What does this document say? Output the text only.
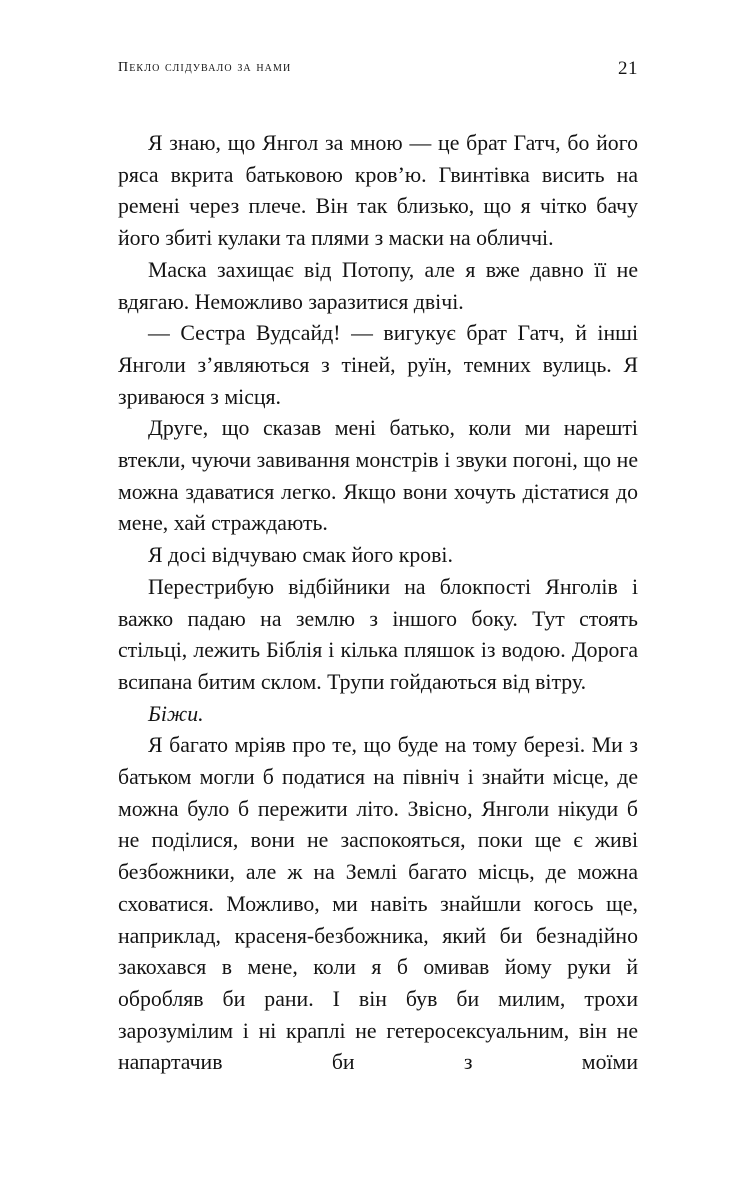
Пекло слідувало за нами	21

Я знаю, що Янгол за мною — це брат Гатч, бо його ряса вкрита батьковою кров’ю. Гвинтівка висить на ремені через плече. Він так близько, що я чітко бачу його збиті кулаки та плями з маски на обличчі.

Маска захищає від Потопу, але я вже давно її не вдягаю. Неможливо заразитися двічі.

— Сестра Вудсайд! — вигукує брат Гатч, й інші Янголи з’являються з тіней, руїн, темних вулиць. Я зриваюся з місця.

Друге, що сказав мені батько, коли ми нарешті втекли, чуючи завивання монстрів і звуки погоні, що не можна здаватися легко. Якщо вони хочуть дістатися до мене, хай страждають.

Я досі відчуваю смак його крові.

Перестрибую відбійники на блокпості Янголів і важко падаю на землю з іншого боку. Тут стоять стільці, лежить Біблія і кілька пляшок із водою. Дорога всипана битим склом. Трупи гойдаються від вітру.

Біжи.

Я багато мріяв про те, що буде на тому березі. Ми з батьком могли б податися на північ і знайти місце, де можна було б пережити літо. Звісно, Янголи нікуди б не поділися, вони не заспокояться, поки ще є живі безбожники, але ж на Землі багато місць, де можна сховатися. Можливо, ми навіть знайшли когось ще, наприклад, красеня-безбожника, який би безнадійно закохався в мене, коли я б омивав йому руки й обробляв би рани. І він був би милим, трохи зарозумілим і ні краплі не гетеросексуальним, він не напартачив би з моїми
